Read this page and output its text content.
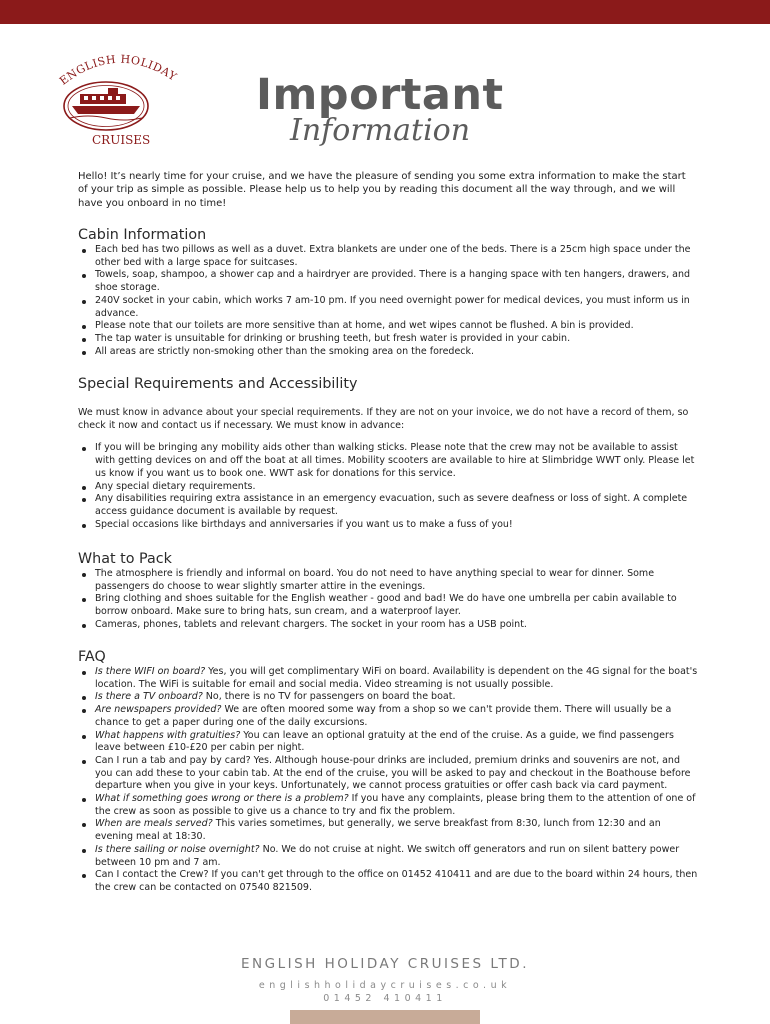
ENGLISH HOLIDAY
CRUISES
Important
Information

Hello! It’s nearly time for your cruise, and we have the pleasure of sending you some extra information to make the start of your trip as simple as possible. Please help us to help you by reading this document all the way through, and we will have you onboard in no time!

Cabin Information
Each bed has two pillows as well as a duvet. Extra blankets are under one of the beds. There is a 25cm high space under the other bed with a large space for suitcases.
Towels, soap, shampoo, a shower cap and a hairdryer are provided. There is a hanging space with ten hangers, drawers, and shoe storage.
240V socket in your cabin, which works 7 am-10 pm. If you need overnight power for medical devices, you must inform us in advance.
Please note that our toilets are more sensitive than at home, and wet wipes cannot be flushed. A bin is provided.
The tap water is unsuitable for drinking or brushing teeth, but fresh water is provided in your cabin.
All areas are strictly non-smoking other than the smoking area on the foredeck.
Special Requirements and Accessibility

We must know in advance about your special requirements. If they are not on your invoice, we do not have a record of them, so check it now and contact us if necessary. We must know in advance:

If you will be bringing any mobility aids other than walking sticks. Please note that the crew may not be available to assist with getting devices on and off the boat at all times. Mobility scooters are available to hire at Slimbridge WWT only. Please let us know if you want us to book one. WWT ask for donations for this service.
Any special dietary requirements.
Any disabilities requiring extra assistance in an emergency evacuation, such as severe deafness or loss of sight. A complete access guidance document is available by request.
Special occasions like birthdays and anniversaries if you want us to make a fuss of you!
What to Pack
The atmosphere is friendly and informal on board. You do not need to have anything special to wear for dinner. Some passengers do choose to wear slightly smarter attire in the evenings.
Bring clothing and shoes suitable for the English weather - good and bad! We do have one umbrella per cabin available to borrow onboard. Make sure to bring hats, sun cream, and a waterproof layer.
Cameras, phones, tablets and relevant chargers. The socket in your room has a USB point.
FAQ
Is there WIFI on board? Yes, you will get complimentary WiFi on board. Availability is dependent on the 4G signal for the boat's location. The WiFi is suitable for email and social media. Video streaming is not usually possible.
Is there a TV onboard? No, there is no TV for passengers on board the boat.
Are newspapers provided? We are often moored some way from a shop so we can't provide them. There will usually be a chance to get a paper during one of the daily excursions.
What happens with gratuities? You can leave an optional gratuity at the end of the cruise. As a guide, we find passengers leave between £10-£20 per cabin per night.
Can I run a tab and pay by card? Yes. Although house-pour drinks are included, premium drinks and souvenirs are not, and you can add these to your cabin tab. At the end of the cruise, you will be asked to pay and checkout in the Boathouse before departure when you give in your keys. Unfortunately, we cannot process gratuities or offer cash back via card payment.
What if something goes wrong or there is a problem? If you have any complaints, please bring them to the attention of one of the crew as soon as possible to give us a chance to try and fix the problem.
When are meals served? This varies sometimes, but generally, we serve breakfast from 8:30, lunch from 12:30 and an evening meal at 18:30.
Is there sailing or noise overnight? No. We do not cruise at night. We switch off generators and run on silent battery power between 10 pm and 7 am.
Can I contact the Crew? If you can't get through to the office on 01452 410411 and are due to the board within 24 hours, then the crew can be contacted on 07540 821509.
ENGLISH HOLIDAY CRUISES LTD.
englishholidaycruises.co.uk
01452 410411
